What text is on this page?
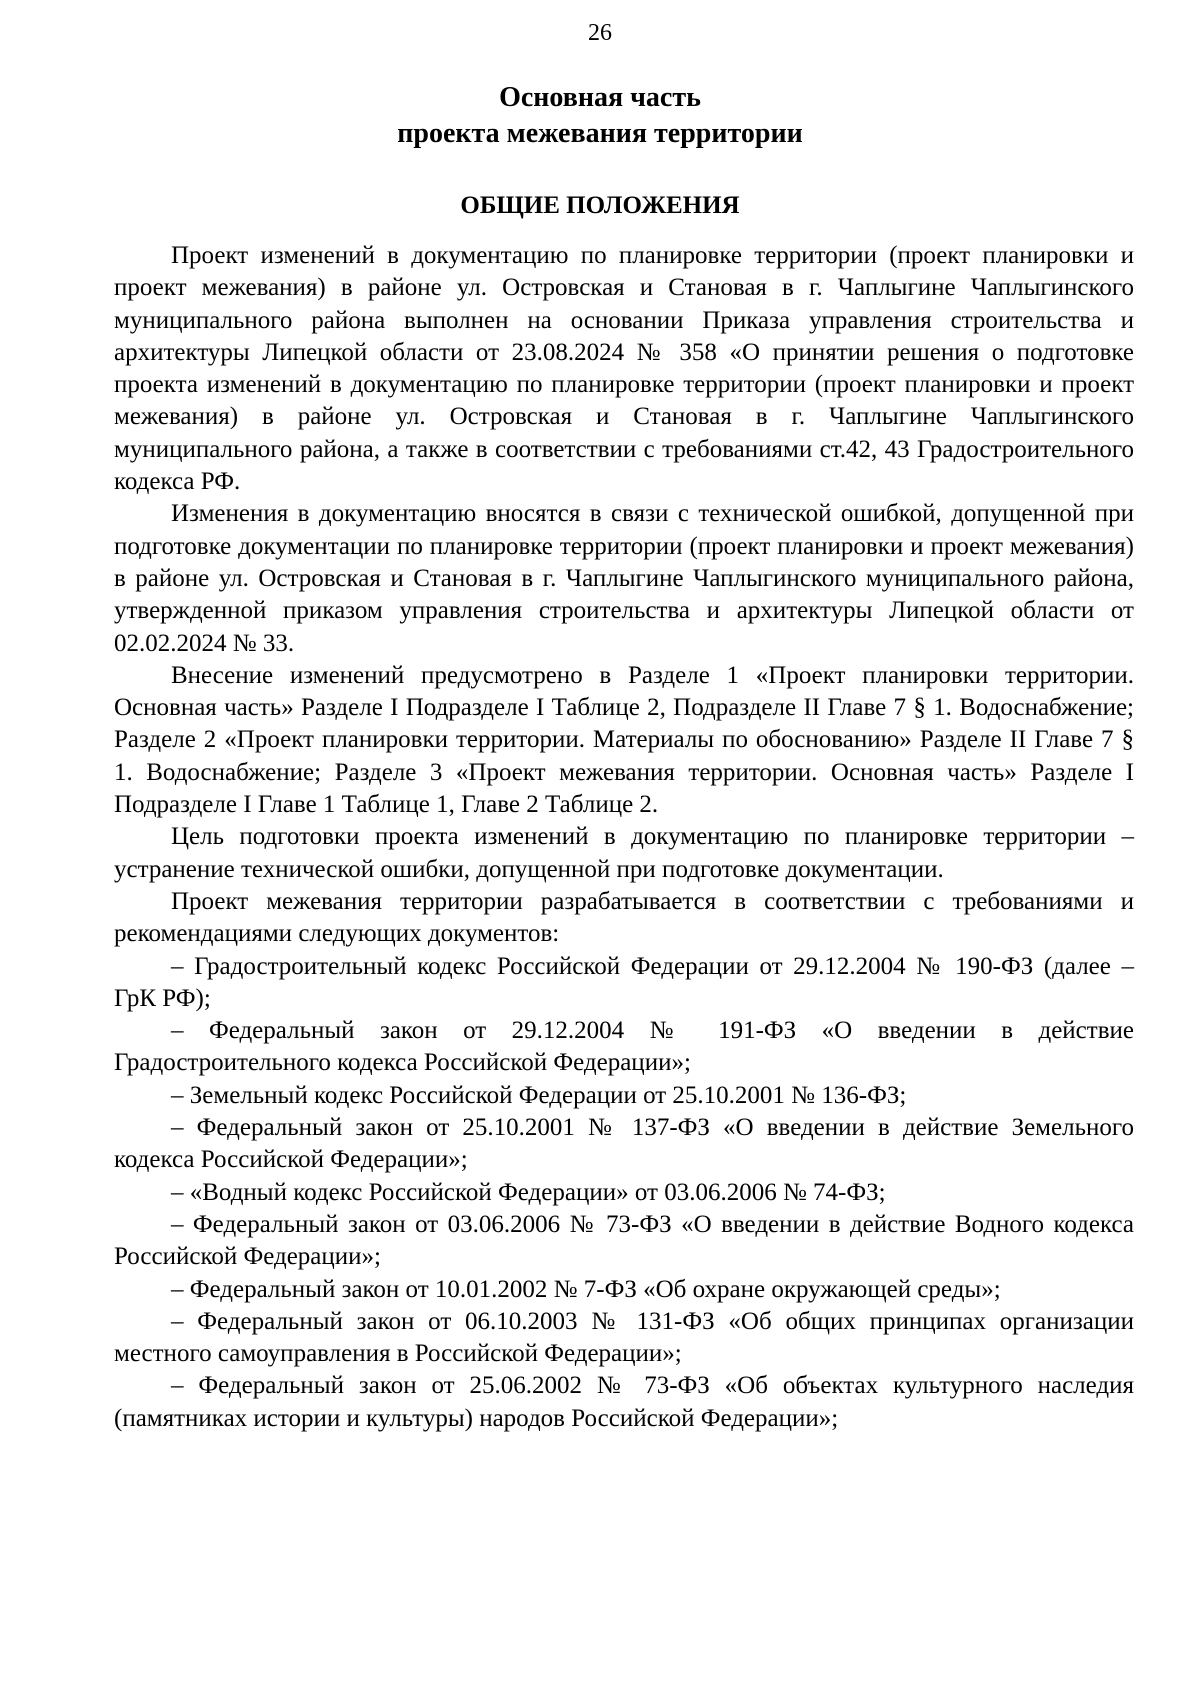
26
Основная часть
проекта межевания территории
ОБЩИЕ ПОЛОЖЕНИЯ

Проект изменений в документацию по планировке территории (проект планировки и проект межевания) в районе ул. Островская и Становая в г. Чаплыгине Чаплыгинского муниципального района выполнен на основании Приказа управления строительства и архитектуры Липецкой области от 23.08.2024 № 358 «О принятии решения о подготовке проекта изменений в документацию по планировке территории (проект планировки и проект межевания) в районе ул. Островская и Становая в г. Чаплыгине Чаплыгинского муниципального района, а также в соответствии с требованиями ст.42, 43 Градостроительного кодекса РФ.

Изменения в документацию вносятся в связи с технической ошибкой, допущенной при подготовке документации по планировке территории (проект планировки и проект межевания) в районе ул. Островская и Становая в г. Чаплыгине Чаплыгинского муниципального района, утвержденной приказом управления строительства и архитектуры Липецкой области от 02.02.2024 № 33.

Внесение изменений предусмотрено в Разделе 1 «Проект планировки территории. Основная часть» Разделе I Подразделе I Таблице 2, Подразделе II Главе 7 § 1. Водоснабжение; Разделе 2 «Проект планировки территории. Материалы по обоснованию» Разделе II Главе 7 § 1. Водоснабжение; Разделе 3 «Проект межевания территории. Основная часть» Разделе I Подразделе I Главе 1 Таблице 1, Главе 2 Таблице 2.

Цель подготовки проекта изменений в документацию по планировке территории – устранение технической ошибки, допущенной при подготовке документации.

Проект межевания территории разрабатывается в соответствии с требованиями и рекомендациями следующих документов:

– Градостроительный кодекс Российской Федерации от 29.12.2004 № 190-ФЗ (далее – ГрК РФ);

– Федеральный закон от 29.12.2004 № 191-ФЗ «О введении в действие Градостроительного кодекса Российской Федерации»;

– Земельный кодекс Российской Федерации от 25.10.2001 № 136-ФЗ;

– Федеральный закон от 25.10.2001 № 137-ФЗ «О введении в действие Земельного кодекса Российской Федерации»;

– «Водный кодекс Российской Федерации» от 03.06.2006 № 74-ФЗ;

– Федеральный закон от 03.06.2006 № 73-ФЗ «О введении в действие Водного кодекса Российской Федерации»;

– Федеральный закон от 10.01.2002 № 7-ФЗ «Об охране окружающей среды»;

– Федеральный закон от 06.10.2003 № 131-ФЗ «Об общих принципах организации местного самоуправления в Российской Федерации»;

– Федеральный закон от 25.06.2002 № 73-ФЗ «Об объектах культурного наследия (памятниках истории и культуры) народов Российской Федерации»;
